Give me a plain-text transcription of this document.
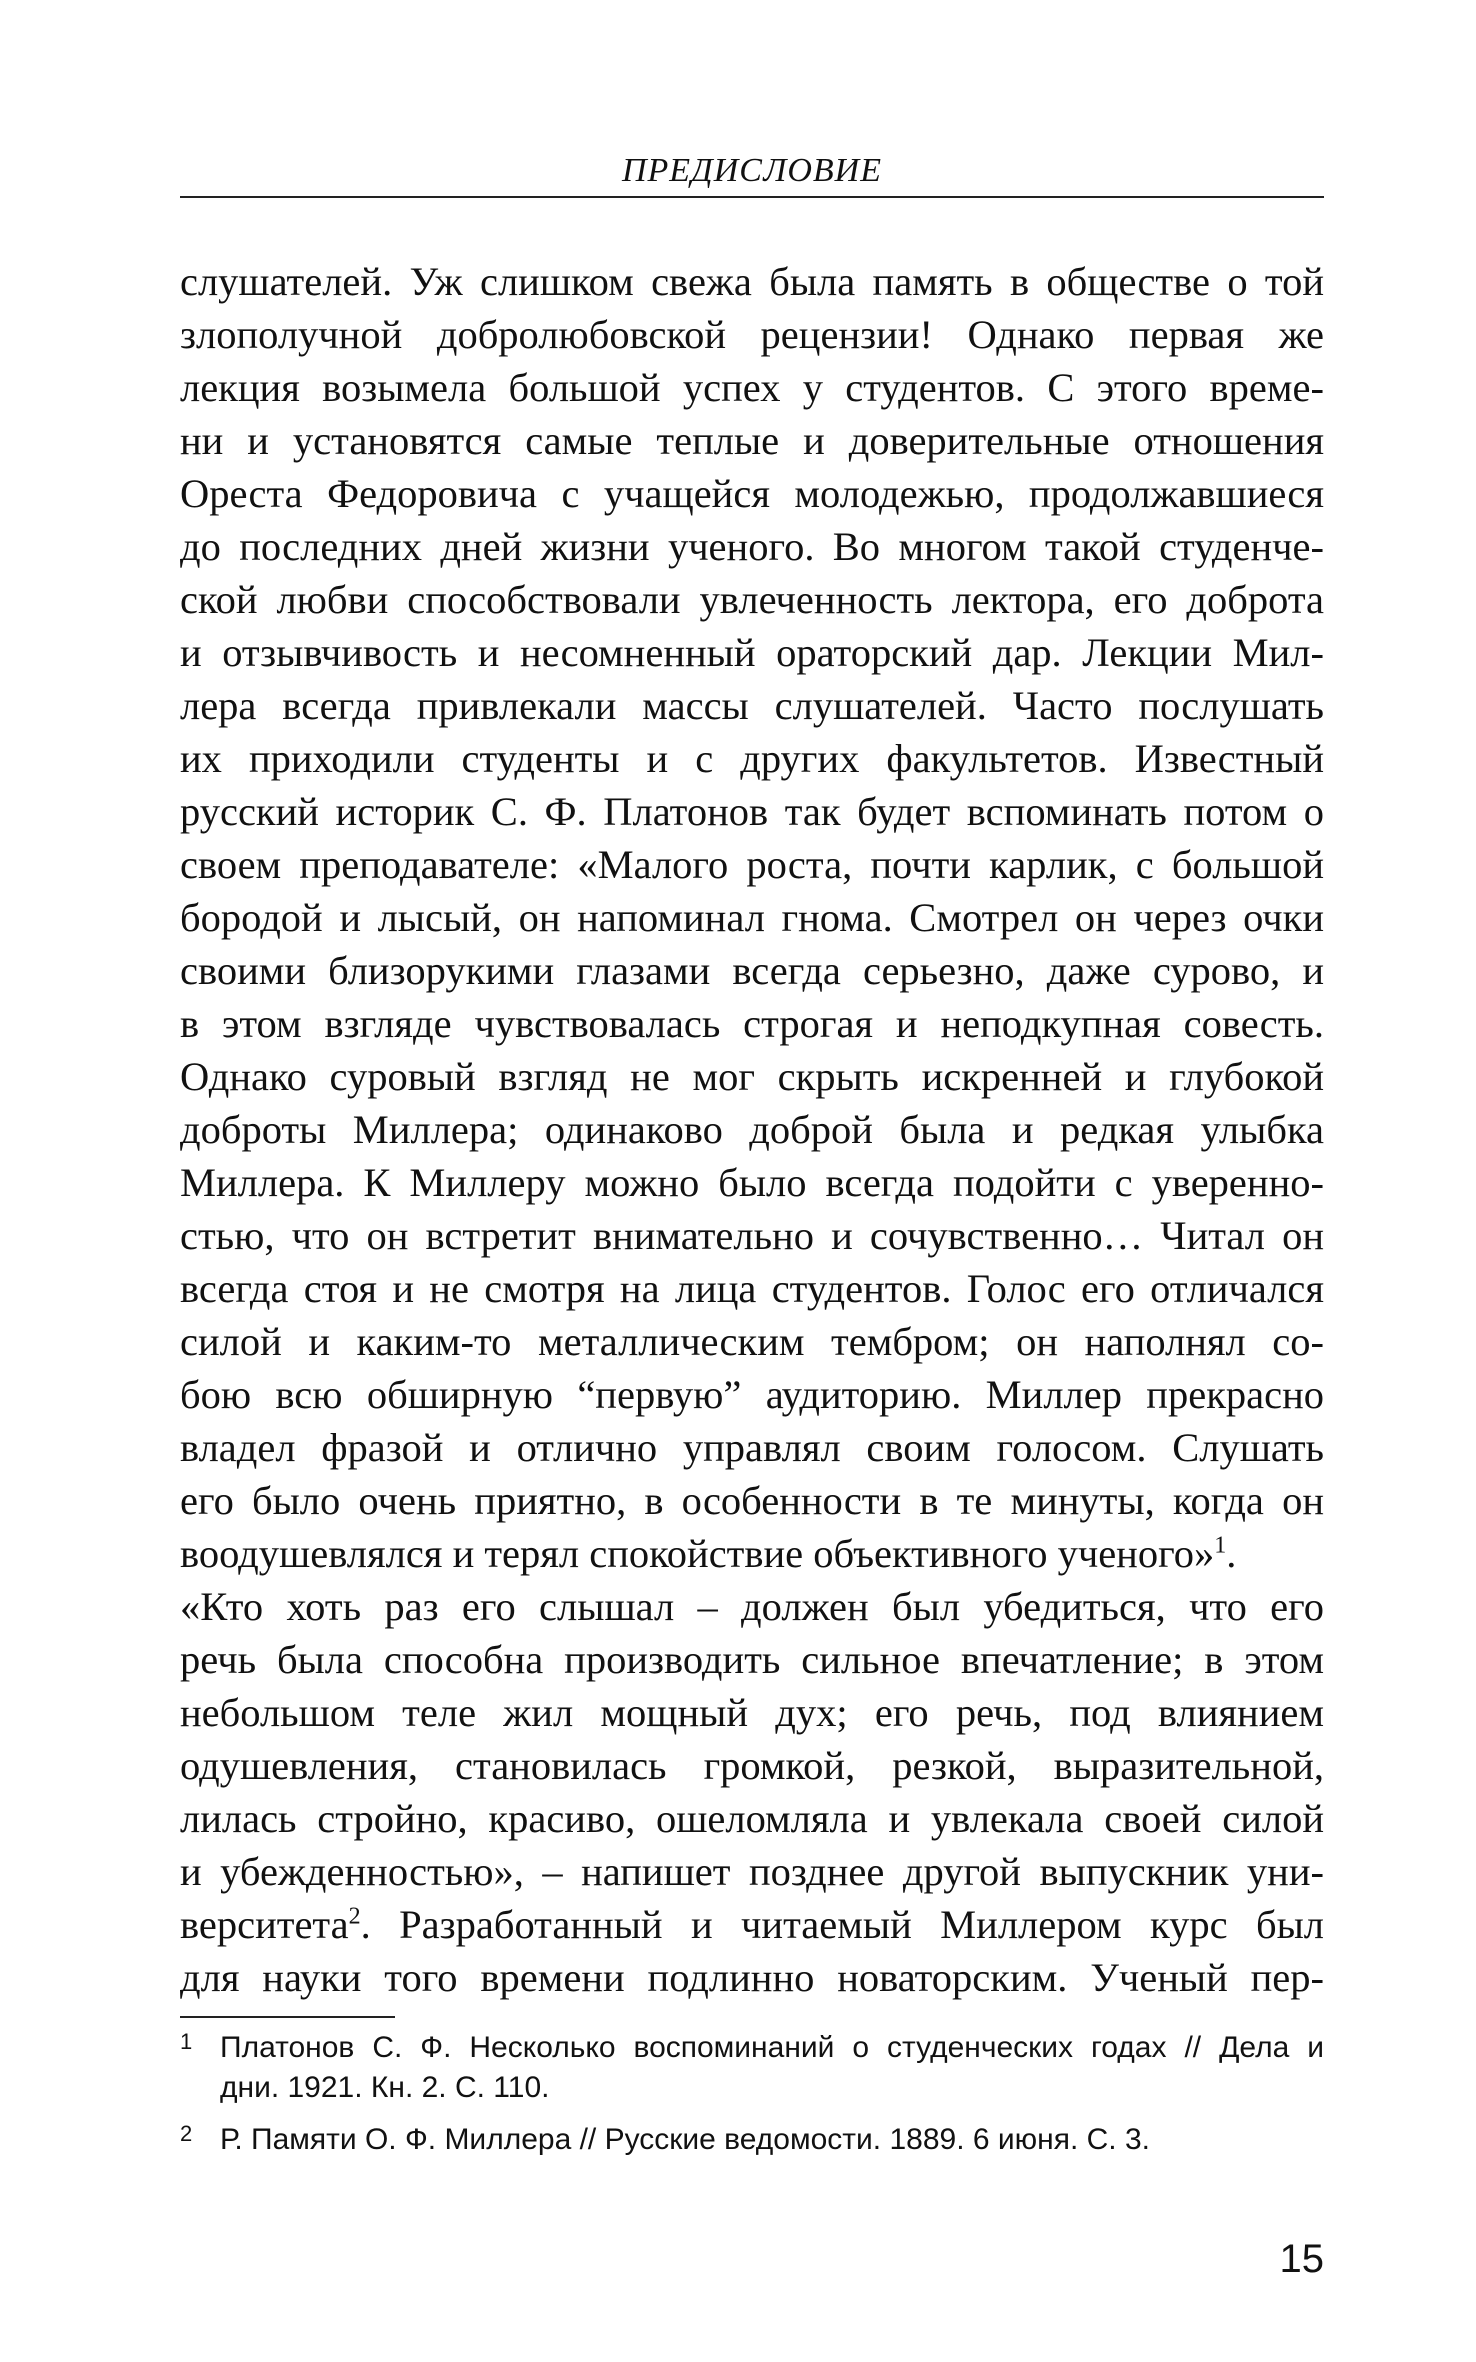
ПРЕДИСЛОВИЕ
слушателей. Уж слишком свежа была память в обществе о той
злополучной добролюбовской рецензии! Однако первая же
лекция возымела большой успех у студентов. С этого време-
ни и установятся самые теплые и доверительные отношения
Ореста Федоровича с учащейся молодежью, продолжавшиеся
до последних дней жизни ученого. Во многом такой студенче-
ской любви способствовали увлеченность лектора, его доброта
и отзывчивость и несомненный ораторский дар. Лекции Мил-
лера всегда привлекали массы слушателей. Часто послушать
их приходили студенты и с других факультетов. Известный
русский историк С. Ф. Платонов так будет вспоминать потом о
своем преподавателе: «Малого роста, почти карлик, с большой
бородой и лысый, он напоминал гнома. Смотрел он через очки
своими близорукими глазами всегда серьезно, даже сурово, и
в этом взгляде чувствовалась строгая и неподкупная совесть.
Однако суровый взгляд не мог скрыть искренней и глубокой
доброты Миллера; одинаково доброй была и редкая улыбка
Миллера. К Миллеру можно было всегда подойти с уверенно-
стью, что он встретит внимательно и сочувственно… Читал он
всегда стоя и не смотря на лица студентов. Голос его отличался
силой и каким-то металлическим тембром; он наполнял со-
бою всю обширную “первую” аудиторию. Миллер прекрасно
владел фразой и отлично управлял своим голосом. Слушать
его было очень приятно, в особенности в те минуты, когда он
воодушевлялся и терял спокойствие объективного ученого»$^1$.
«Кто хоть раз его слышал – должен был убедиться, что его
речь была способна производить сильное впечатление; в этом
небольшом теле жил мощный дух; его речь, под влиянием
одушевления, становилась громкой, резкой, выразительной,
лилась стройно, красиво, ошеломляла и увлекала своей силой
и убежденностью», – напишет позднее другой выпускник уни-
верситета$^2$. Разработанный и читаемый Миллером курс был
для науки того времени подлинно новаторским. Ученый пер-
1 Платонов С. Ф. Несколько воспоминаний о студенческих годах // Дела и
дни. 1921. Кн. 2. С. 110.
2 Р. Памяти О. Ф. Миллера // Русские ведомости. 1889. 6 июня. С. 3.
15
